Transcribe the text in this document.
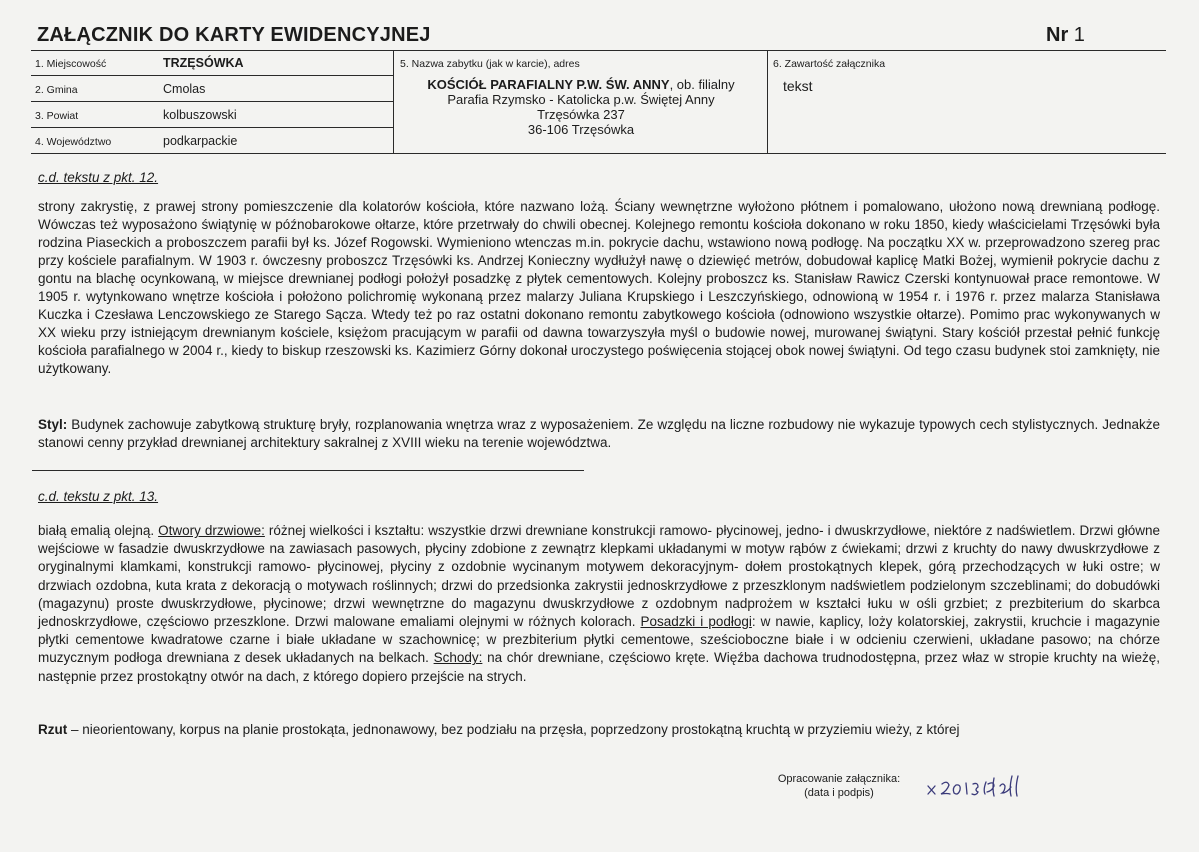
ZAŁĄCZNIK DO KARTY EWIDENCYJNEJ	Nr 1
1. Miejscowość	TRZĘSÓWKA
2. Gmina	Cmolas
3. Powiat	kolbuszowski
4. Województwo	podkarpackie
5. Nazwa zabytku (jak w karcie), adres
KOŚCIÓŁ PARAFIALNY P.W. ŚW. ANNY, ob. filialny
Parafia Rzymsko - Katolicka p.w. Świętej Anny
Trzęsówka 237
36-106 Trzęsówka
6. Zawartość załącznika
tekst
c.d. tekstu z pkt. 12.
strony zakrystię, z prawej strony pomieszczenie dla kolatorów kościoła, które nazwano lożą. Ściany wewnętrzne wyłożono płótnem i pomalowano, ułożono nową drewnianą podłogę. Wówczas też wyposażono świątynię w późnobarokowe ołtarze, które przetrwały do chwili obecnej. Kolejnego remontu kościoła dokonano w roku 1850, kiedy właścicielami Trzęsówki była rodzina Piaseckich a proboszczem parafii był ks. Józef Rogowski. Wymieniono wtenczas m.in. pokrycie dachu, wstawiono nową podłogę. Na początku XX w. przeprowadzono szereg prac przy kościele parafialnym. W 1903 r. ówczesny proboszcz Trzęsówki ks. Andrzej Konieczny wydłużył nawę o dziewięć metrów, dobudował kaplicę Matki Bożej, wymienił pokrycie dachu z gontu na blachę ocynkowaną, w miejsce drewnianej podłogi położył posadzkę z płytek cementowych. Kolejny proboszcz ks. Stanisław Rawicz Czerski kontynuował prace remontowe. W 1905 r. wytynkowano wnętrze kościoła i położono polichromię wykonaną przez malarzy Juliana Krupskiego i Leszczyńskiego, odnowioną w 1954 r. i 1976 r. przez malarza Stanisława Kuczka i Czesława Lenczowskiego ze Starego Sącza. Wtedy też po raz ostatni dokonano remontu zabytkowego kościoła (odnowiono wszystkie ołtarze). Pomimo prac wykonywanych w XX wieku przy istniejącym drewnianym kościele, księżom pracującym w parafii od dawna towarzyszyła myśl o budowie nowej, murowanej świątyni. Stary kościół przestał pełnić funkcję kościoła parafialnego w 2004 r., kiedy to biskup rzeszowski ks. Kazimierz Górny dokonał uroczystego poświęcenia stojącej obok nowej świątyni. Od tego czasu budynek stoi zamknięty, nie użytkowany.
Styl: Budynek zachowuje zabytkową strukturę bryły, rozplanowania wnętrza wraz z wyposażeniem. Ze względu na liczne rozbudowy nie wykazuje typowych cech stylistycznych. Jednakże stanowi cenny przykład drewnianej architektury sakralnej z XVIII wieku na terenie województwa.
c.d. tekstu z pkt. 13.
białą emalią olejną. Otwory drzwiowe: różnej wielkości i kształtu: wszystkie drzwi drewniane konstrukcji ramowo- płycinowej, jedno- i dwuskrzydłowe, niektóre z nadświetlem. Drzwi główne wejściowe w fasadzie dwuskrzydłowe na zawiasach pasowych, płyciny zdobione z zewnątrz klepkami układanymi w motyw rąbów z ćwiekami; drzwi z kruchty do nawy dwuskrzydłowe z oryginalnymi klamkami, konstrukcji ramowo- płycinowej, płyciny z ozdobnie wycinanym motywem dekoracyjnym- dołem prostokątnych klepek, górą przechodzących w łuki ostre; w drzwiach ozdobna, kuta krata z dekoracją o motywach roślinnych; drzwi do przedsionka zakrystii jednoskrzydłowe z przeszklonym nadświetlem podzielonym szczeblinami; do dobudówki (magazynu) proste dwuskrzydłowe, płycinowe; drzwi wewnętrzne do magazynu dwuskrzydłowe z ozdobnym nadprożem w kształci łuku w ośli grzbiet; z prezbiterium do skarbca jednoskrzydłowe, częściowo przeszklone. Drzwi malowane emaliami olejnymi w różnych kolorach. Posadzki i podłogi: w nawie, kaplicy, loży kolatorskiej, zakrystii, kruchcie i magazynie płytki cementowe kwadratowe czarne i białe układane w szachownicę; w prezbiterium płytki cementowe, sześcioboczne białe i w odcieniu czerwieni, układane pasowo; na chórze muzycznym podłoga drewniana z desek układanych na belkach. Schody: na chór drewniane, częściowo kręte. Więźba dachowa trudnodostępna, przez właz w stropie kruchty na wieżę, następnie przez prostokątny otwór na dach, z którego dopiero przejście na strych.
Rzut – nieorientowany, korpus na planie prostokąta, jednonawowy, bez podziału na przęsła, poprzedzony prostokątną kruchtą w przyziemiu wieży, z której
Opracowanie załącznika:
(data i podpis)
